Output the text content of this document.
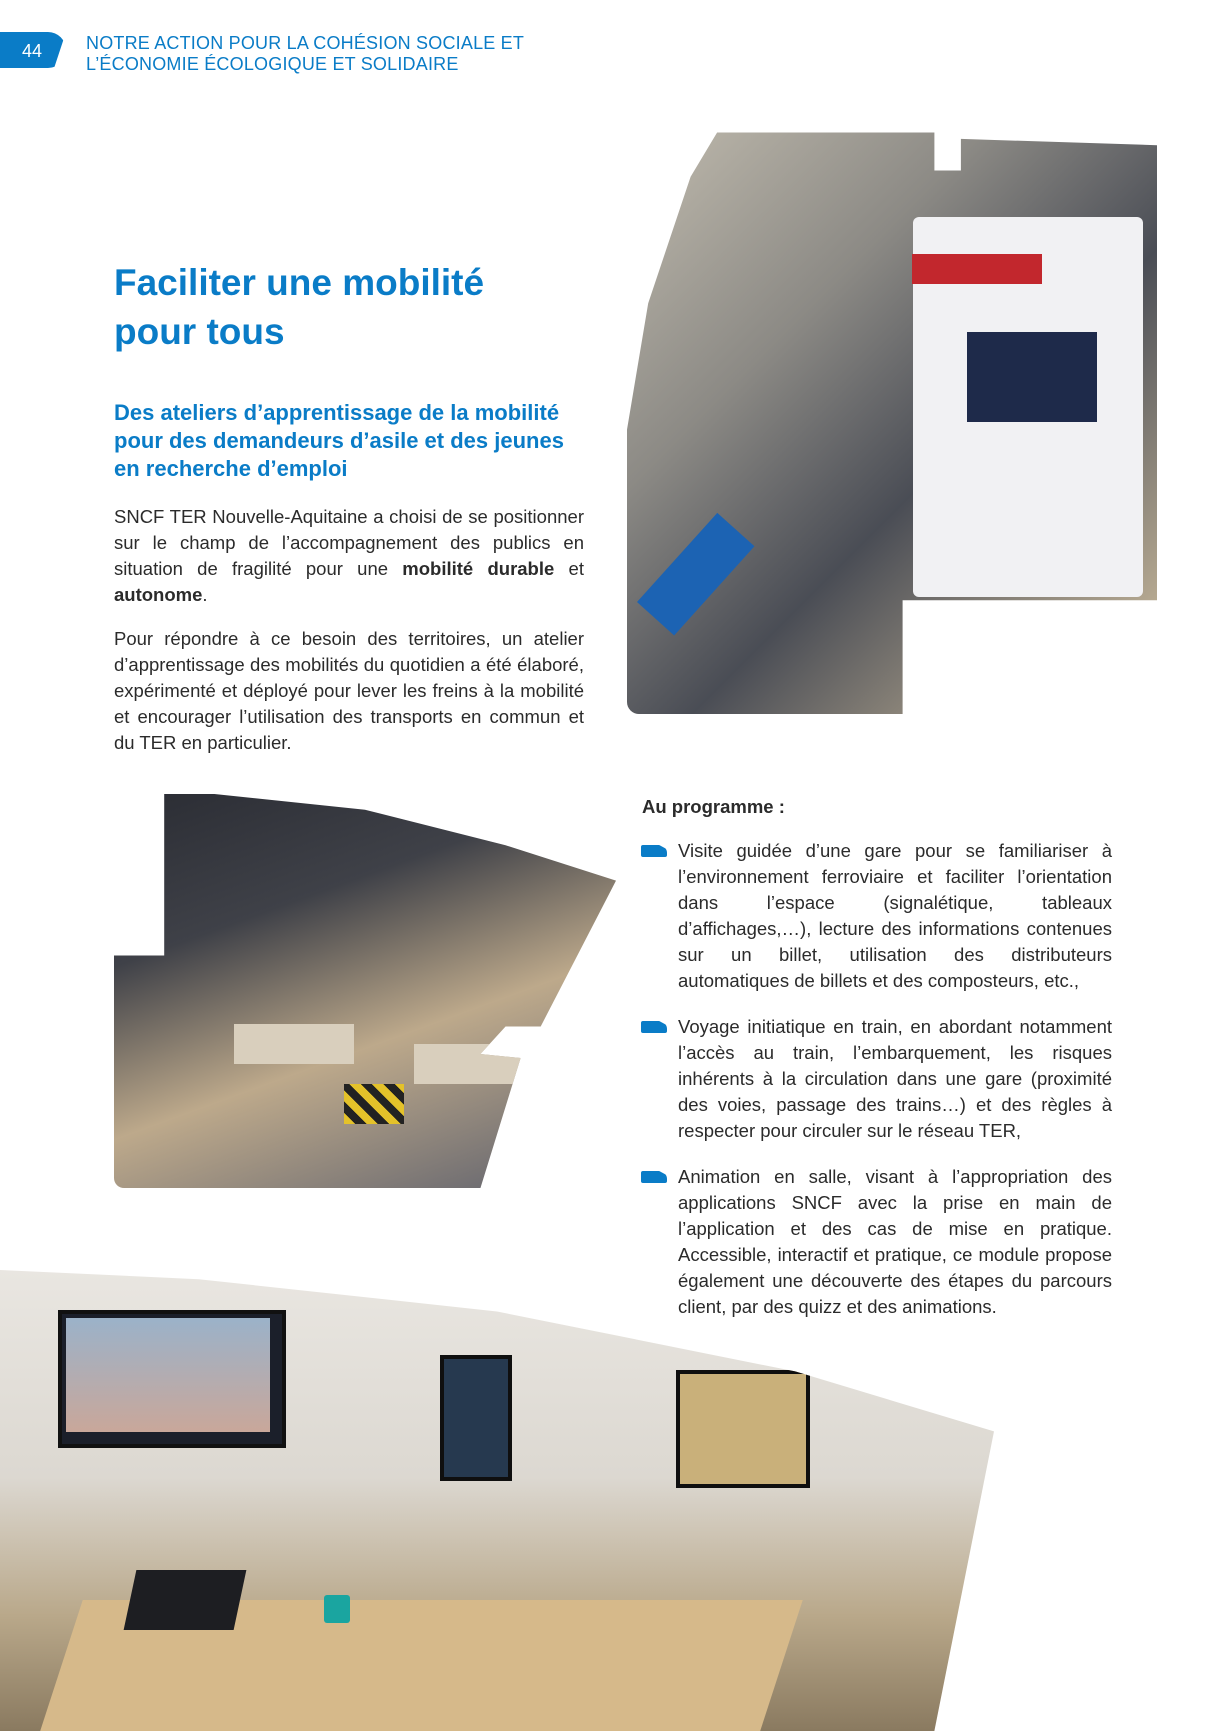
44 NOTRE ACTION POUR LA COHÉSION SOCIALE ET
L’ÉCONOMIE ÉCOLOGIQUE ET SOLIDAIRE
Faciliter une mobilité
pour tous
Des ateliers d’apprentissage de la mobilité pour des demandeurs d’asile et des jeunes en recherche d’emploi

SNCF TER Nouvelle-Aquitaine a choisi de se positionner sur le champ de l’accompagnement des publics en situation de fragilité pour une mobilité durable et autonome.

Pour répondre à ce besoin des territoires, un atelier d’apprentissage des mobilités du quotidien a été élaboré, expérimenté et déployé pour lever les freins à la mobilité et encourager l’utilisation des transports en commun et du TER en particulier.

Au programme :
Visite guidée d’une gare pour se familiariser à l’environnement ferroviaire et faciliter l’orientation dans l’espace (signalétique, tableaux d’affichages,…), lecture des informations contenues sur un billet, utilisation des distributeurs automatiques de billets et des composteurs, etc.,
Voyage initiatique en train, en abordant notamment l’accès au train, l’embarquement, les risques inhérents à la circulation dans une gare (proximité des voies, passage des trains…) et des règles à respecter pour circuler sur le réseau TER,
Animation en salle, visant à l’appropriation des applications SNCF avec la prise en main de l’application et des cas de mise en pratique. Accessible, interactif et pratique, ce module propose également une découverte des étapes du parcours client, par des quizz et des animations.
